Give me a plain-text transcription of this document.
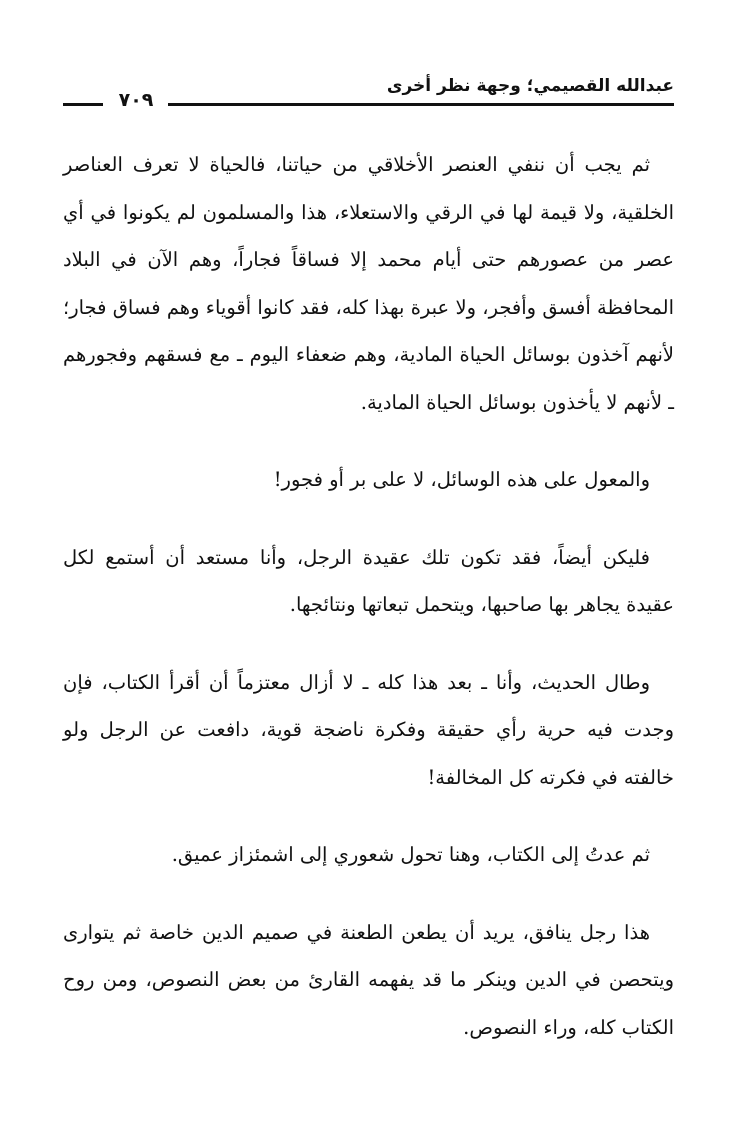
عبدالله القصيمي؛ وجهة نظر أخرى
٧٠٩

ثم يجب أن ننفي العنصر الأخلاقي من حياتنا، فالحياة لا تعرف العناصر الخلقية، ولا قيمة لها في الرقي والاستعلاء، هذا والمسلمون لم يكونوا في أي عصر من عصورهم حتى أيام محمد إلا فساقاً فجاراً، وهم الآن في البلاد المحافظة أفسق وأفجر، ولا عبرة بهذا كله، فقد كانوا أقوياء وهم فساق فجار؛ لأنهم آخذون بوسائل الحياة المادية، وهم ضعفاء اليوم ـ مع فسقهم وفجورهم ـ لأنهم لا يأخذون بوسائل الحياة المادية.

والمعول على هذه الوسائل، لا على بر أو فجور!

فليكن أيضاً، فقد تكون تلك عقيدة الرجل، وأنا مستعد أن أستمع لكل عقيدة يجاهر بها صاحبها، ويتحمل تبعاتها ونتائجها.

وطال الحديث، وأنا ـ بعد هذا كله ـ لا أزال معتزماً أن أقرأ الكتاب، فإن وجدت فيه حرية رأي حقيقة وفكرة ناضجة قوية، دافعت عن الرجل ولو خالفته في فكرته كل المخالفة!

ثم عدتُ إلى الكتاب، وهنا تحول شعوري إلى اشمئزاز عميق.

هذا رجل ينافق، يريد أن يطعن الطعنة في صميم الدين خاصة ثم يتوارى ويتحصن في الدين وينكر ما قد يفهمه القارئ من بعض النصوص، ومن روح الكتاب كله، وراء النصوص.
